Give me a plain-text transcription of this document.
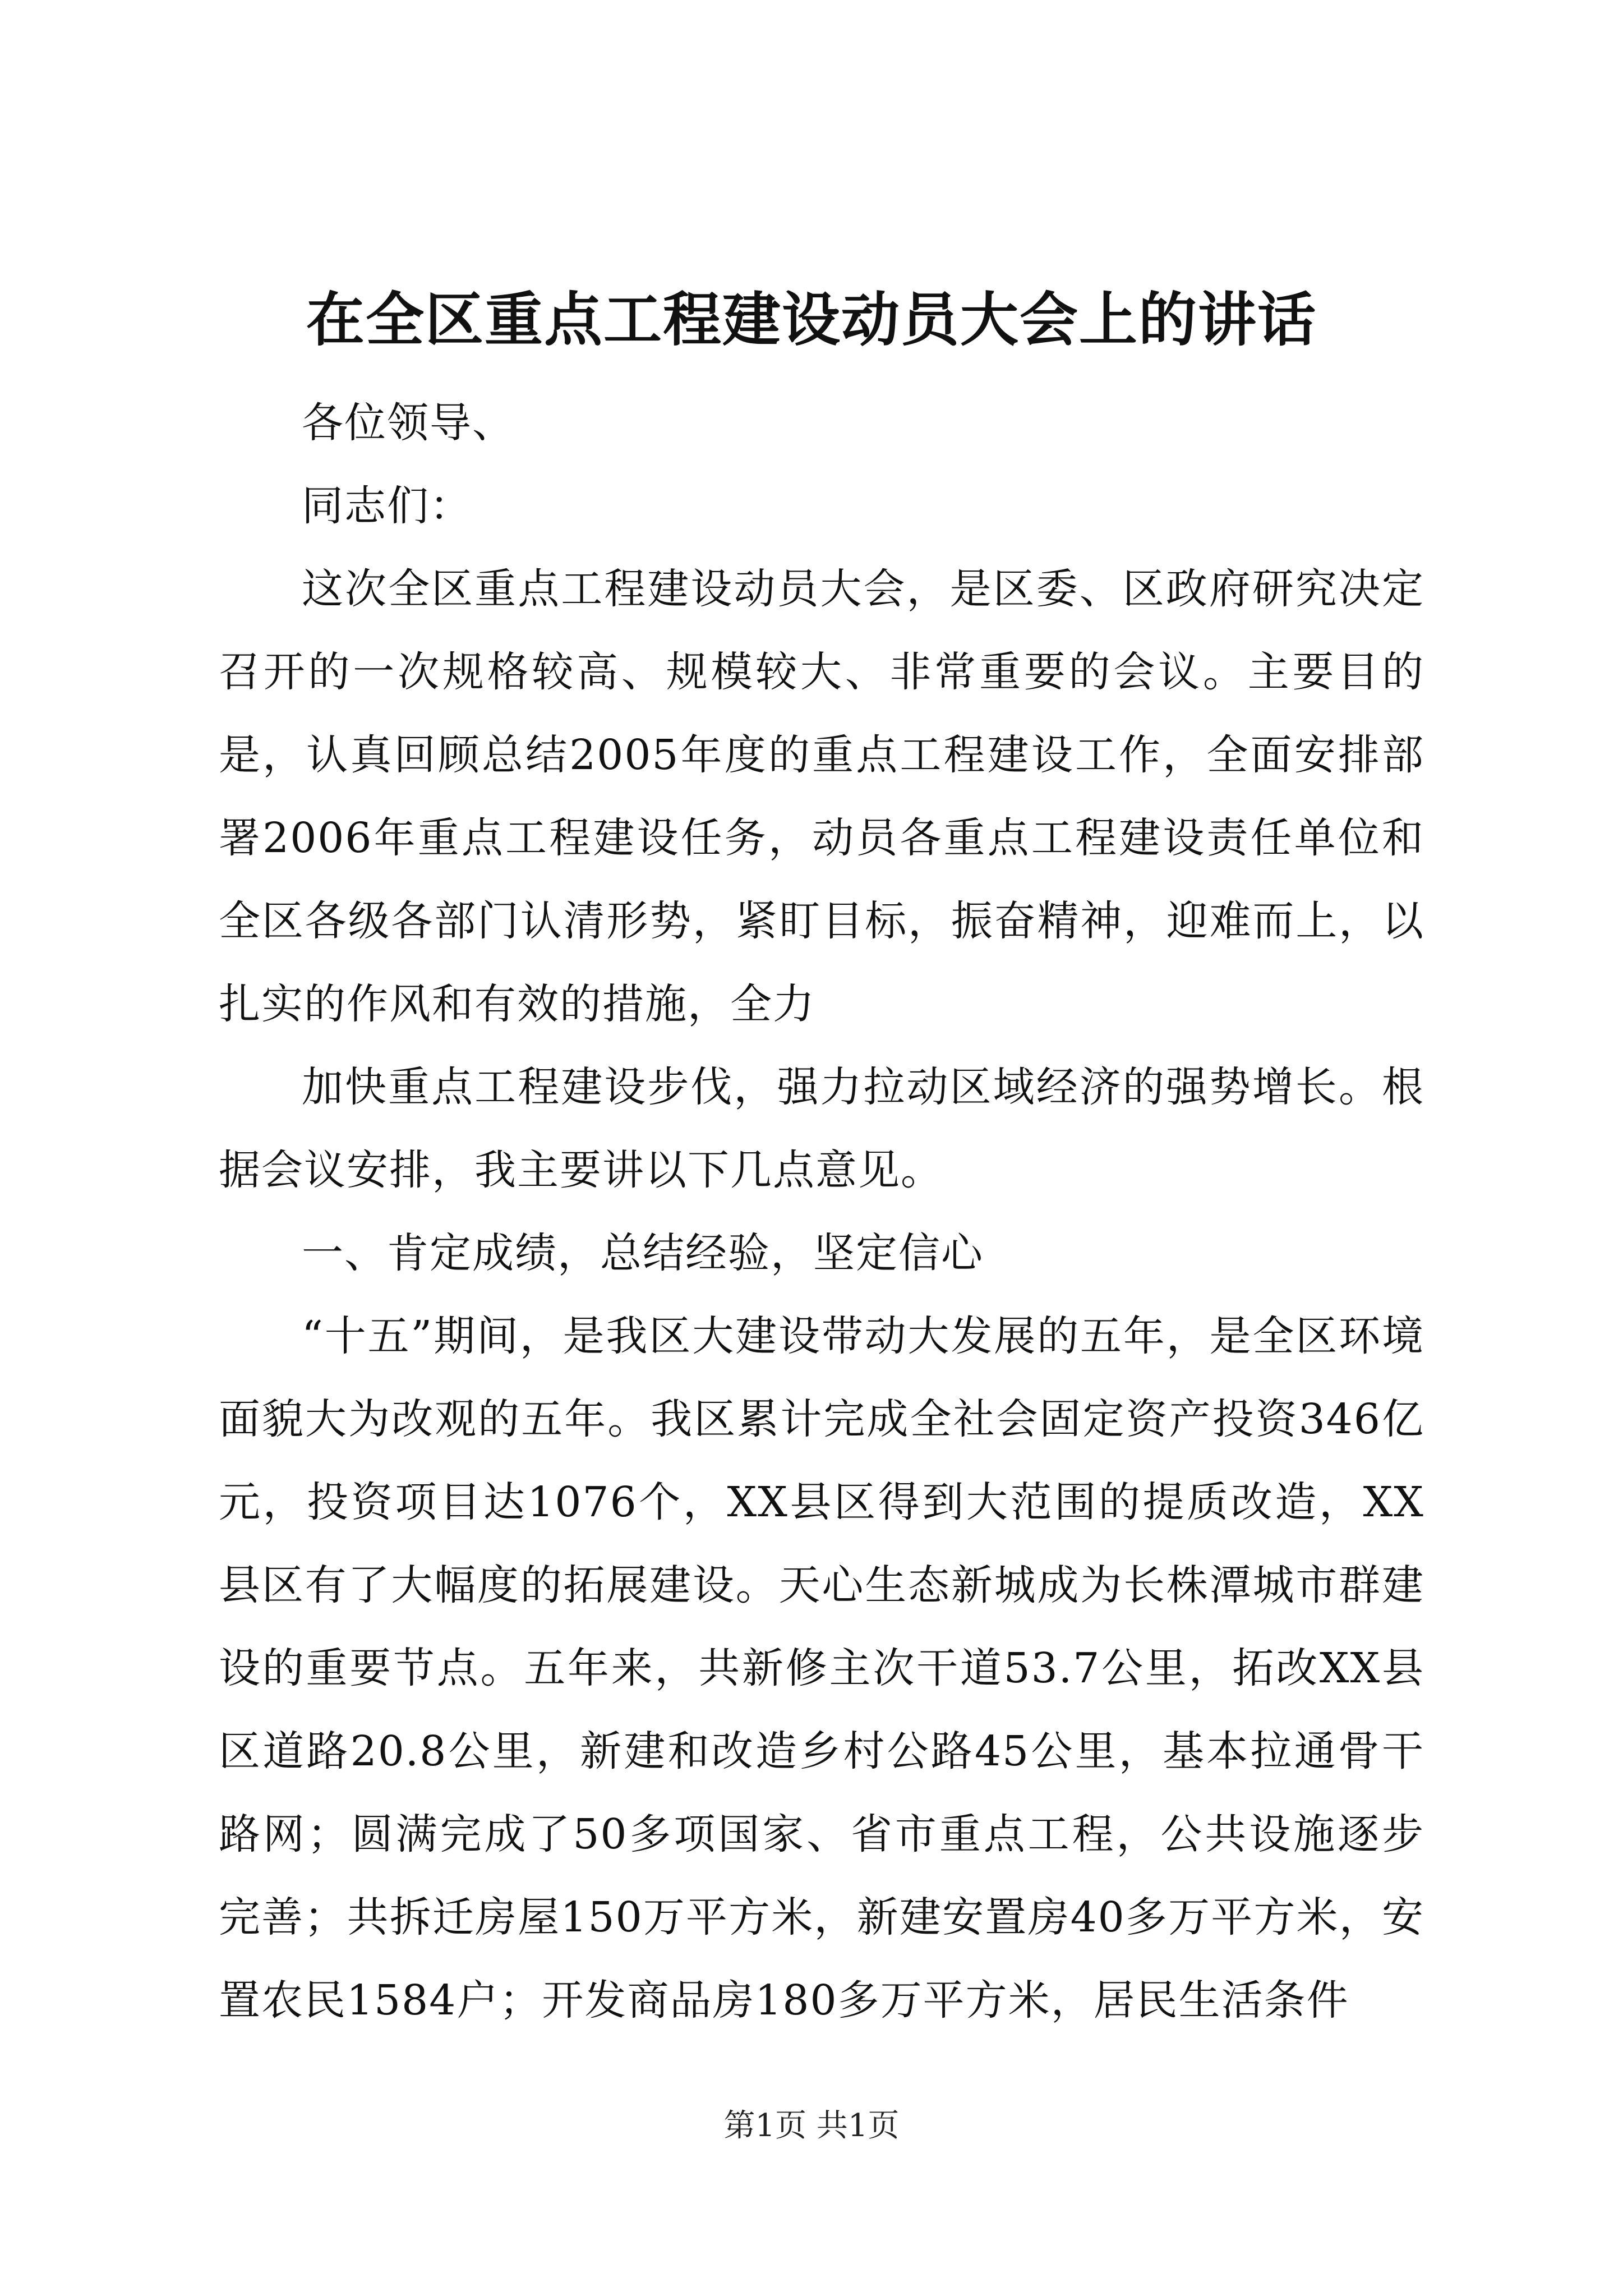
在全区重点工程建设动员大会上的讲话

各位领导、

同志们：

这次全区重点工程建设动员大会，是区委、区政府研究决定召开的一次规格较高、规模较大、非常重要的会议。主要目的是，认真回顾总结2005年度的重点工程建设工作，全面安排部署2006年重点工程建设任务，动员各重点工程建设责任单位和全区各级各部门认清形势，紧盯目标，振奋精神，迎难而上，以扎实的作风和有效的措施，全力

加快重点工程建设步伐，强力拉动区域经济的强势增长。根据会议安排，我主要讲以下几点意见。

一、肯定成绩，总结经验，坚定信心

“十五”期间，是我区大建设带动大发展的五年，是全区环境面貌大为改观的五年。我区累计完成全社会固定资产投资346亿元，投资项目达1076个，XX县区得到大范围的提质改造，XX县区有了大幅度的拓展建设。天心生态新城成为长株潭城市群建设的重要节点。五年来，共新修主次干道53.7公里，拓改XX县区道路20.8公里，新建和改造乡村公路45公里，基本拉通骨干路网；圆满完成了50多项国家、省市重点工程，公共设施逐步完善；共拆迁房屋150万平方米，新建安置房40多万平方米，安置农民1584户；开发商品房180多万平方米，居民生活条件

第1页 共1页
